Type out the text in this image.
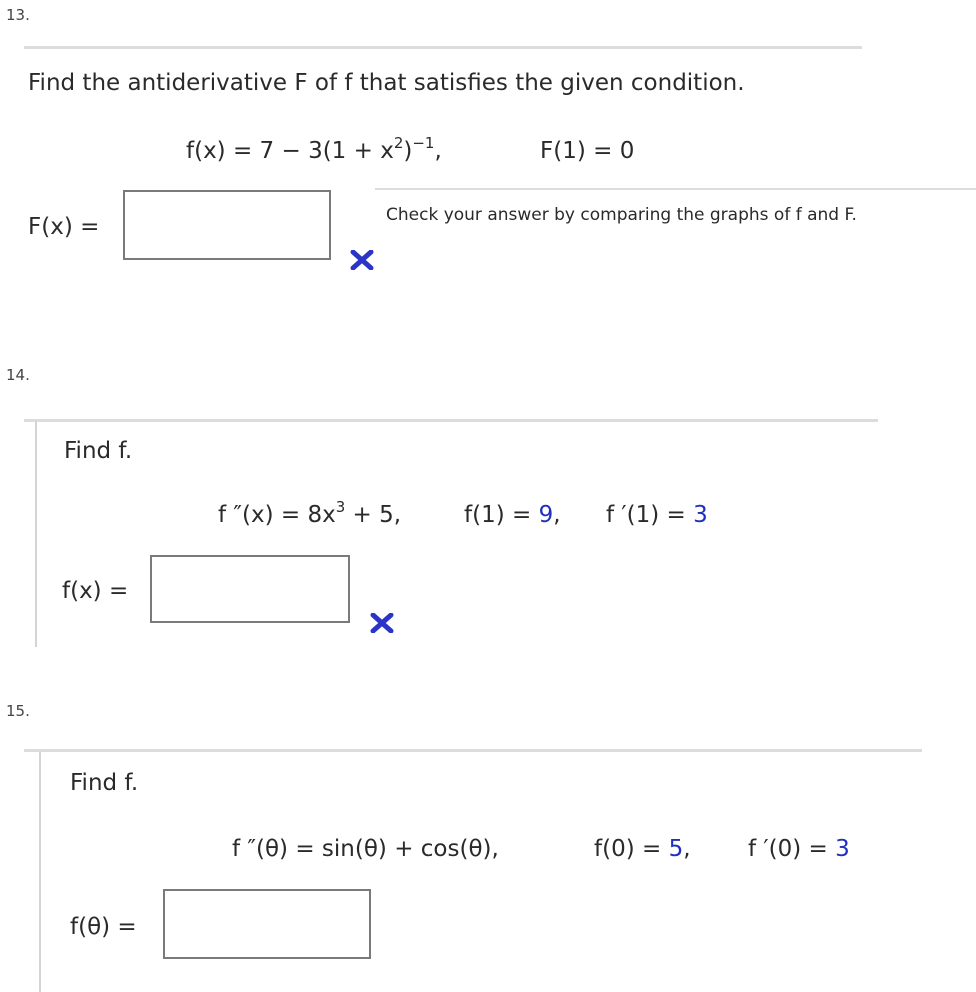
13.
Find the antiderivative F of f that satisfies the given condition.
$f(x) = 7 - 3(1 + x^2)^{-1}$,	F(1) = 0
F(x) =	Check your answer by comparing the graphs of f and F.
14.
Find f.
f $''(x) = 8x^3 + 5$,	f(1) = 9, f ′(1) = 3
f(x) =
15.
Find f.
f ″(θ) = sin(θ) + cos(θ),	f(0) = 5, f ′(0) = 3
f(θ) =
